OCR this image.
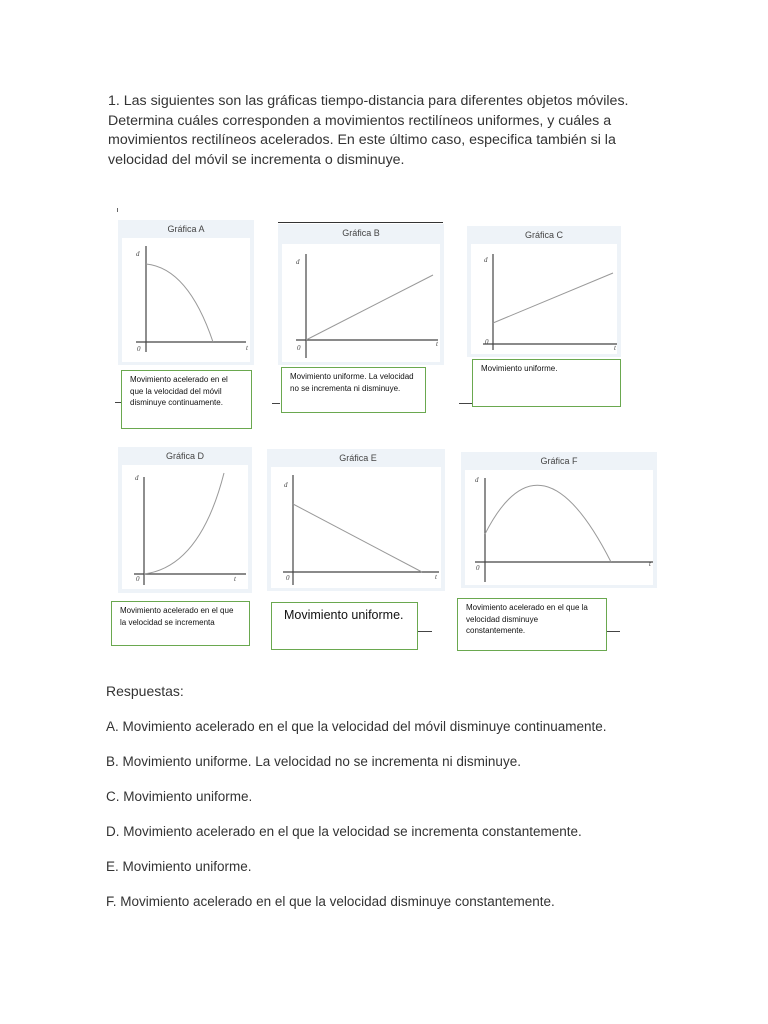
1. Las siguientes son las gráficas tiempo-distancia para diferentes objetos móviles. Determina cuáles corresponden a movimientos rectilíneos uniformes, y cuáles a movimientos rectilíneos acelerados. En este último caso, especifica también si la velocidad del móvil se incrementa o disminuye.

Gráfica A
d
t
0
Gráfica B
d
t
0
Gráfica C
d
t
0
Gráfica D
d
t
0
Gráfica E
d
t
0
Gráfica F
d
t
0
Movimiento acelerado en el que la velocidad del móvil disminuye continuamente.
Movimiento uniforme. La velocidad no se incrementa ni disminuye.
Movimiento uniforme.
Movimiento acelerado en el que la velocidad se incrementa	Movimiento uniforme.
Movimiento acelerado en el que la velocidad disminuye constantemente.

Respuestas:

A. Movimiento acelerado en el que la velocidad del móvil disminuye continuamente.
B. Movimiento uniforme. La velocidad no se incrementa ni disminuye.
C. Movimiento uniforme.
D. Movimiento acelerado en el que la velocidad se incrementa constantemente.
E. Movimiento uniforme.
F. Movimiento acelerado en el que la velocidad disminuye constantemente.
